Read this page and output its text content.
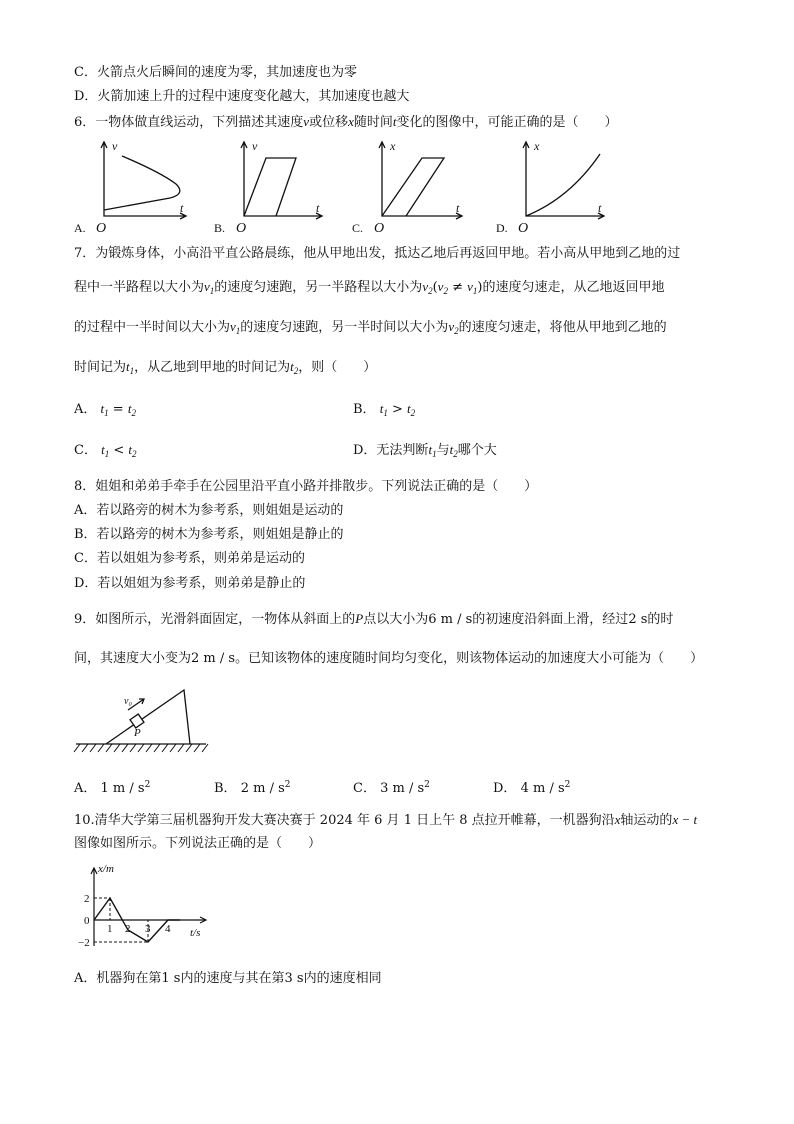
C．火箭点火后瞬间的速度为零，其加速度也为零
D．火箭加速上升的过程中速度变化越大，其加速度也越大
6．一物体做直线运动，下列描述其速度v或位移x随时间t变化的图像中，可能正确的是（　　）
v
t
v
t
x
t
x
t
O	O	O	O
A.	B.	C.	D.
7．为锻炼身体，小高沿平直公路晨练，他从甲地出发，抵达乙地后再返回甲地。若小高从甲地到乙地的过
程中一半路程以大小为$v_1$的速度匀速跑，另一半路程以大小为$v_2(v_2 \ne v_1)$的速度匀速走，从乙地返回甲地
的过程中一半时间以大小为$v_1$的速度匀速跑，另一半时间以大小为$v_2$的速度匀速走，将他从甲地到乙地的
时间记为$t_1$，从乙地到甲地的时间记为$t_2$，则（　　）
A． $t_1 = t_2$	B． $t_1 > t_2$
C． $t_1 < t_2$	D．无法判断$t_1$与$t_2$哪个大
8．姐姐和弟弟手牵手在公园里沿平直小路并排散步。下列说法正确的是（　　）
A．若以路旁的树木为参考系，则姐姐是运动的
B．若以路旁的树木为参考系，则姐姐是静止的
C．若以姐姐为参考系，则弟弟是运动的
D．若以姐姐为参考系，则弟弟是静止的
9．如图所示，光滑斜面固定，一物体从斜面上的P点以大小为6 m / s的初速度沿斜面上滑，经过2 s的时
间，其速度大小变为2 m / s。已知该物体的速度随时间均匀变化，则该物体运动的加速度大小可能为（　　）
v₀
P
A． 1 m / $s^2$	B． 2 m / $s^2$	C． 3 m / $s^2$	D． 4 m / $s^2$
10.清华大学第三届机器狗开发大赛决赛于 2024 年 6 月 1 日上午 8 点拉开帷幕，一机器狗沿x轴运动的x − t
图像如图所示。下列说法正确的是（　　）
x/m
t/s
2
0
−2
1 2 3 4
A．机器狗在第1 s内的速度与其在第3 s内的速度相同
